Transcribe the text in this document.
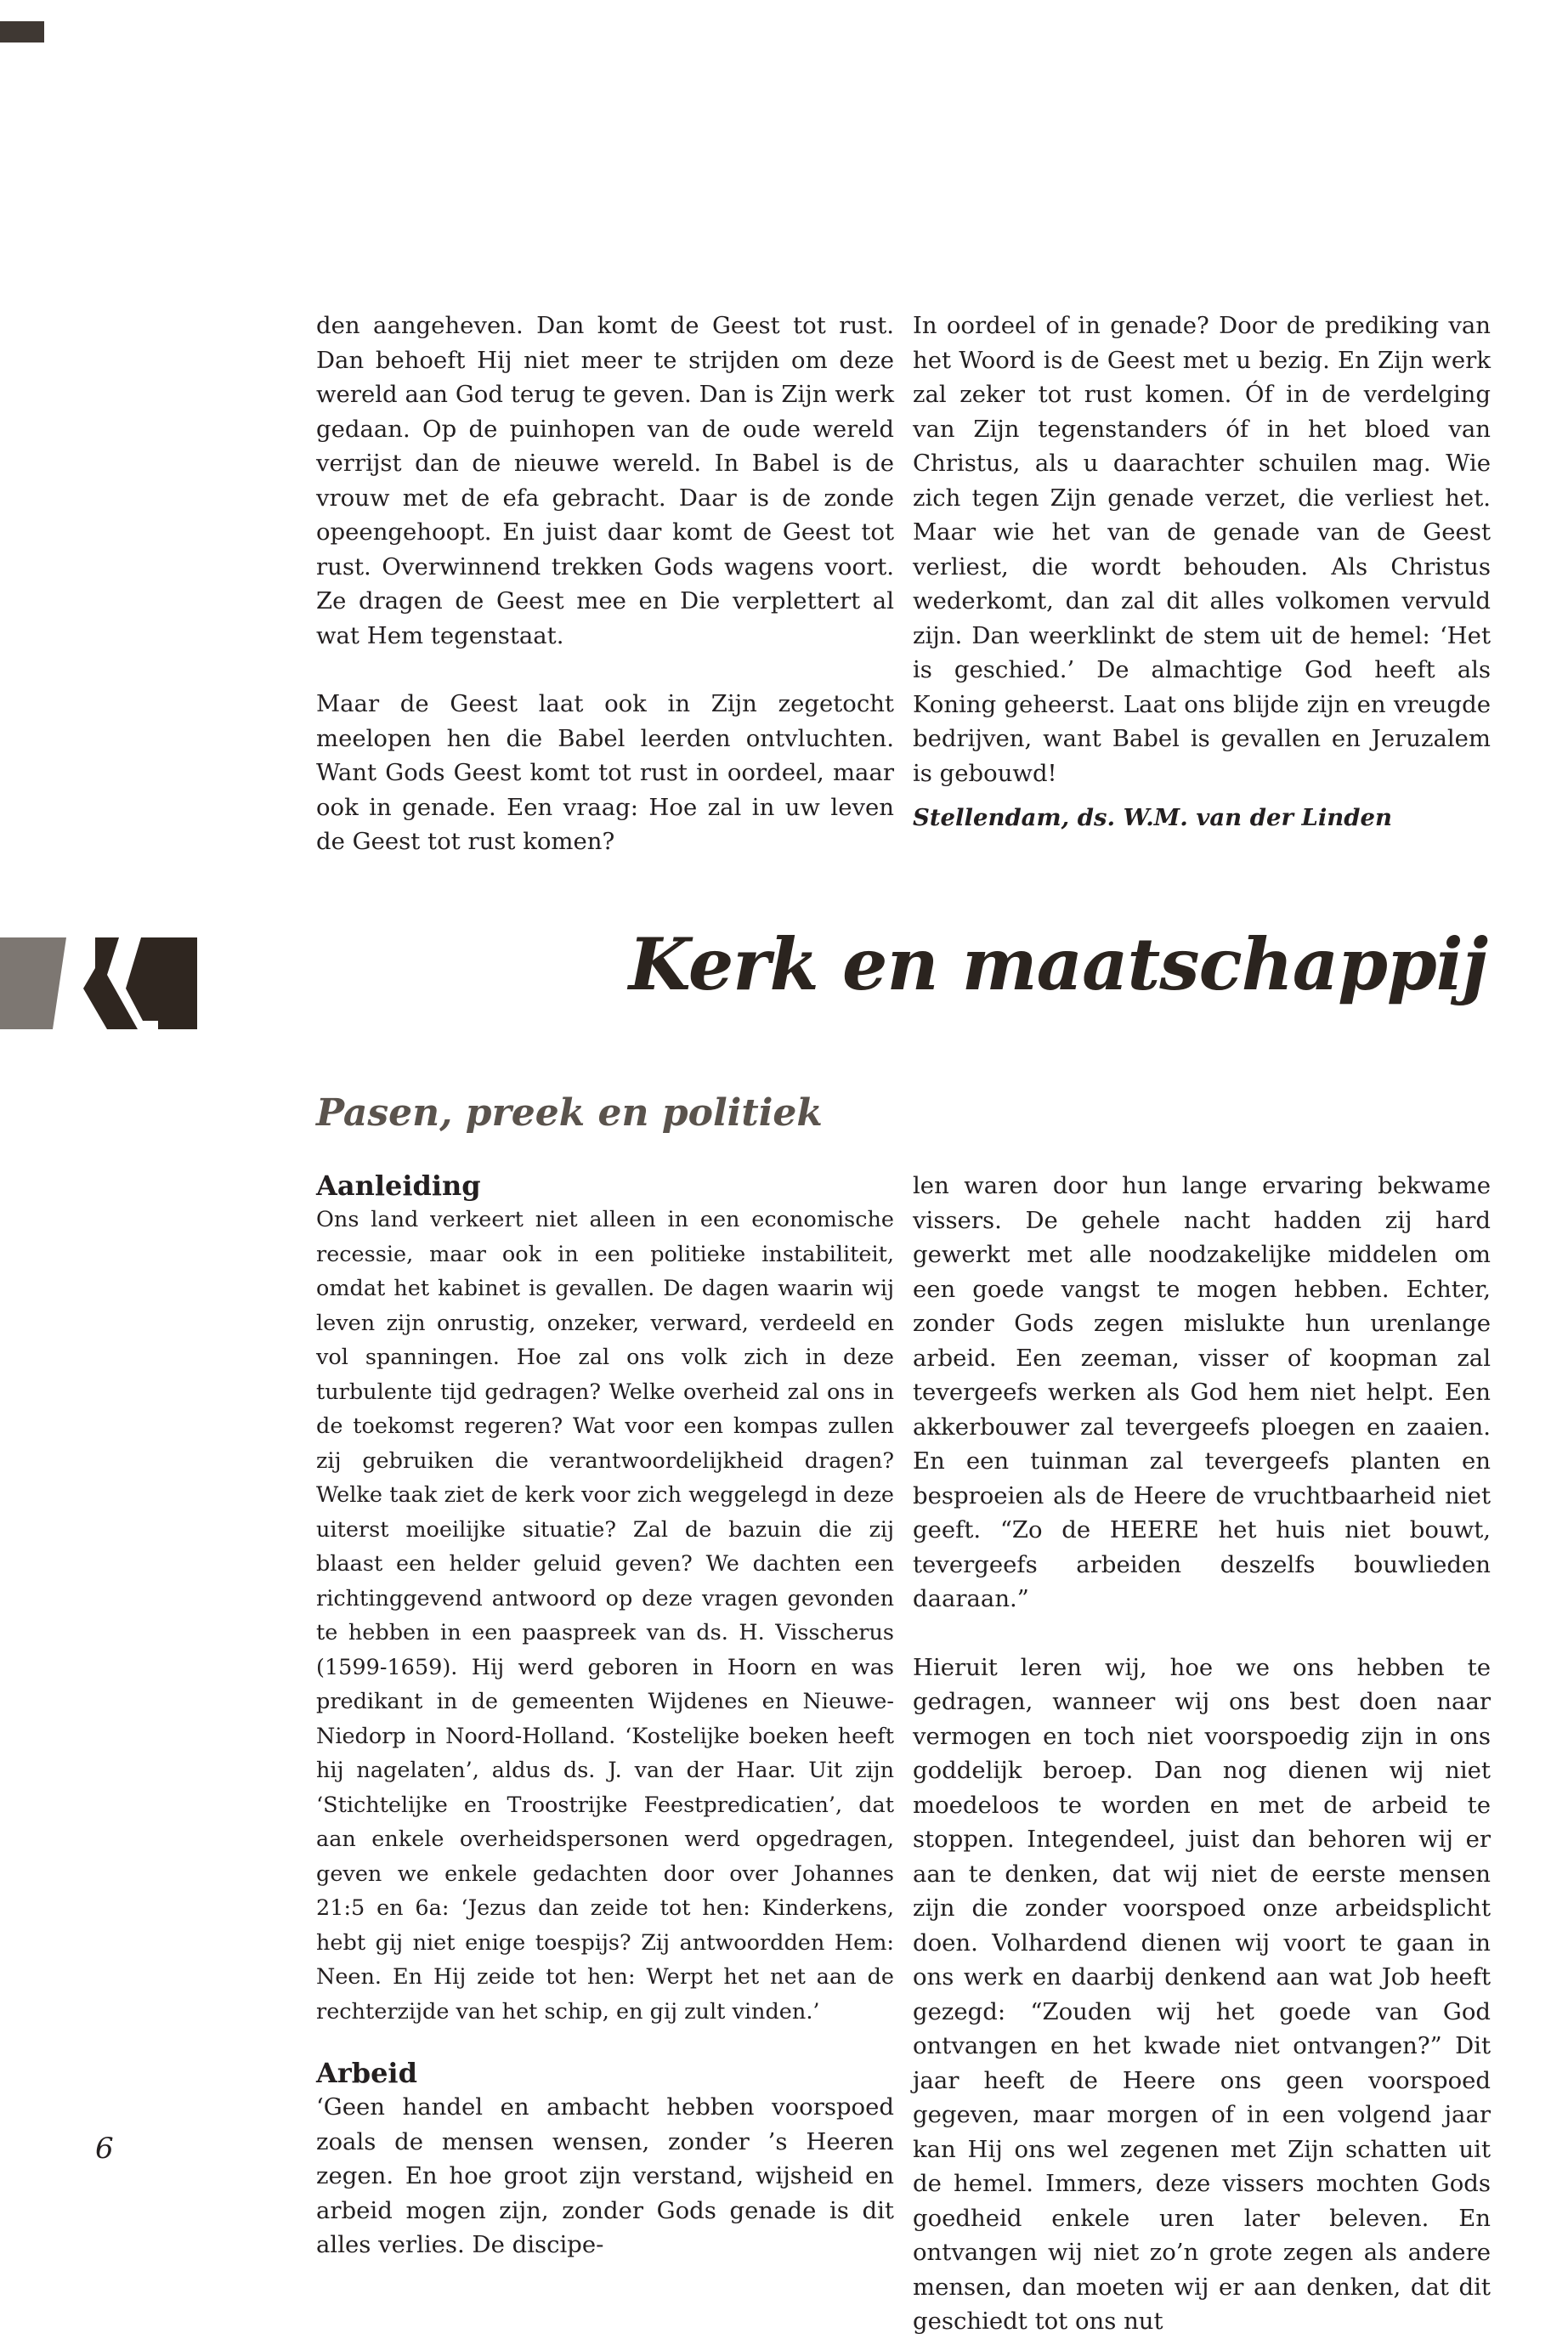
den aangeheven. Dan komt de Geest tot rust. Dan behoeft Hij niet meer te strijden om deze wereld aan God terug te geven. Dan is Zijn werk gedaan. Op de puinhopen van de oude wereld verrijst dan de nieuwe wereld. In Babel is de vrouw met de efa gebracht. Daar is de zonde opeengehoopt. En juist daar komt de Geest tot rust. Overwinnend trekken Gods wagens voort. Ze dragen de Geest mee en Die verplettert al wat Hem tegenstaat.

Maar de Geest laat ook in Zijn zegetocht meelopen hen die Babel leerden ontvluchten. Want Gods Geest komt tot rust in oordeel, maar ook in genade. Een vraag: Hoe zal in uw leven de Geest tot rust komen?

In oordeel of in genade? Door de prediking van het Woord is de Geest met u bezig. En Zijn werk zal zeker tot rust komen. Óf in de verdelging van Zijn tegenstanders óf in het bloed van Christus, als u daarachter schuilen mag. Wie zich tegen Zijn genade verzet, die verliest het. Maar wie het van de genade van de Geest verliest, die wordt behouden. Als Christus wederkomt, dan zal dit alles volkomen vervuld zijn. Dan weerklinkt de stem uit de hemel: ‘Het is geschied.’ De almachtige God heeft als Koning geheerst. Laat ons blijde zijn en vreugde bedrijven, want Babel is gevallen en Jeruzalem is gebouwd!

Stellendam, ds. W.M. van der Linden

Kerk en maatschappij
Pasen, preek en politiek
Aanleiding

Ons land verkeert niet alleen in een economische recessie, maar ook in een politieke instabiliteit, omdat het kabinet is gevallen. De dagen waarin wij leven zijn onrustig, onzeker, verward, verdeeld en vol spanningen. Hoe zal ons volk zich in deze turbulente tijd gedragen? Welke overheid zal ons in de toekomst regeren? Wat voor een kompas zullen zij gebruiken die verantwoordelijkheid dragen? Welke taak ziet de kerk voor zich weggelegd in deze uiterst moeilijke situatie? Zal de bazuin die zij blaast een helder geluid geven? We dachten een richtinggevend antwoord op deze vragen gevonden te hebben in een paaspreek van ds. H. Visscherus (1599-1659). Hij werd geboren in Hoorn en was predikant in de gemeenten Wijdenes en Nieuwe-Niedorp in Noord-Holland. ‘Kostelijke boeken heeft hij nagelaten’, aldus ds. J. van der Haar. Uit zijn ‘Stichtelijke en Troostrijke Feestpredicatien’, dat aan enkele overheidspersonen werd opgedragen, geven we enkele gedachten door over Johannes 21:5 en 6a: ‘Jezus dan zeide tot hen: Kinderkens, hebt gij niet enige toespijs? Zij antwoordden Hem: Neen. En Hij zeide tot hen: Werpt het net aan de rechterzijde van het schip, en gij zult vinden.’

Arbeid

‘Geen handel en ambacht hebben voorspoed zoals de mensen wensen, zonder ’s Heeren zegen. En hoe groot zijn verstand, wijsheid en arbeid mogen zijn, zonder Gods genade is dit alles verlies. De discipe-

len waren door hun lange ervaring bekwame vissers. De gehele nacht hadden zij hard gewerkt met alle noodzakelijke middelen om een goede vangst te mogen hebben. Echter, zonder Gods zegen mislukte hun urenlange arbeid. Een zeeman, visser of koopman zal tevergeefs werken als God hem niet helpt. Een akkerbouwer zal tevergeefs ploegen en zaaien. En een tuinman zal tevergeefs planten en besproeien als de Heere de vruchtbaarheid niet geeft. “Zo de HEERE het huis niet bouwt, tevergeefs arbeiden deszelfs bouwlieden daaraan.”

Hieruit leren wij, hoe we ons hebben te gedragen, wanneer wij ons best doen naar vermogen en toch niet voorspoedig zijn in ons goddelijk beroep. Dan nog dienen wij niet moedeloos te worden en met de arbeid te stoppen. Integendeel, juist dan behoren wij er aan te denken, dat wij niet de eerste mensen zijn die zonder voorspoed onze arbeidsplicht doen. Volhardend dienen wij voort te gaan in ons werk en daarbij denkend aan wat Job heeft gezegd: “Zouden wij het goede van God ontvangen en het kwade niet ontvangen?” Dit jaar heeft de Heere ons geen voorspoed gegeven, maar morgen of in een volgend jaar kan Hij ons wel zegenen met Zijn schatten uit de hemel. Immers, deze vissers mochten Gods goedheid enkele uren later beleven. En ontvangen wij niet zo’n grote zegen als andere mensen, dan moeten wij er aan denken, dat dit geschiedt tot ons nut

6
